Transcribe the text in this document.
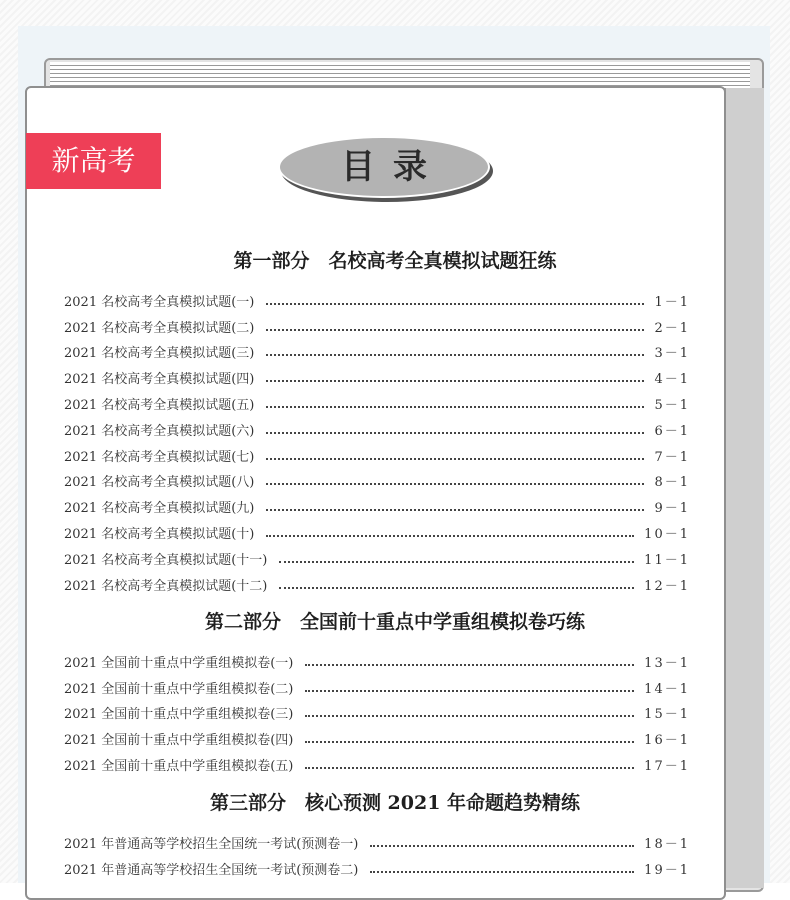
新高考	目录
第一部分　名校高考全真模拟试题狂练
2021 名校高考全真模拟试题(一)	1－1
2021 名校高考全真模拟试题(二)	2－1
2021 名校高考全真模拟试题(三)	3－1
2021 名校高考全真模拟试题(四)	4－1
2021 名校高考全真模拟试题(五)	5－1
2021 名校高考全真模拟试题(六)	6－1
2021 名校高考全真模拟试题(七)	7－1
2021 名校高考全真模拟试题(八)	8－1
2021 名校高考全真模拟试题(九)	9－1
2021 名校高考全真模拟试题(十)	10－1
2021 名校高考全真模拟试题(十一)	11－1
2021 名校高考全真模拟试题(十二)	12－1
第二部分　全国前十重点中学重组模拟卷巧练
2021 全国前十重点中学重组模拟卷(一)	13－1
2021 全国前十重点中学重组模拟卷(二)	14－1
2021 全国前十重点中学重组模拟卷(三)	15－1
2021 全国前十重点中学重组模拟卷(四)	16－1
2021 全国前十重点中学重组模拟卷(五)	17－1
第三部分　核心预测 2021 年命题趋势精练
2021 年普通高等学校招生全国统一考试(预测卷一)	18－1
2021 年普通高等学校招生全国统一考试(预测卷二)	19－1
